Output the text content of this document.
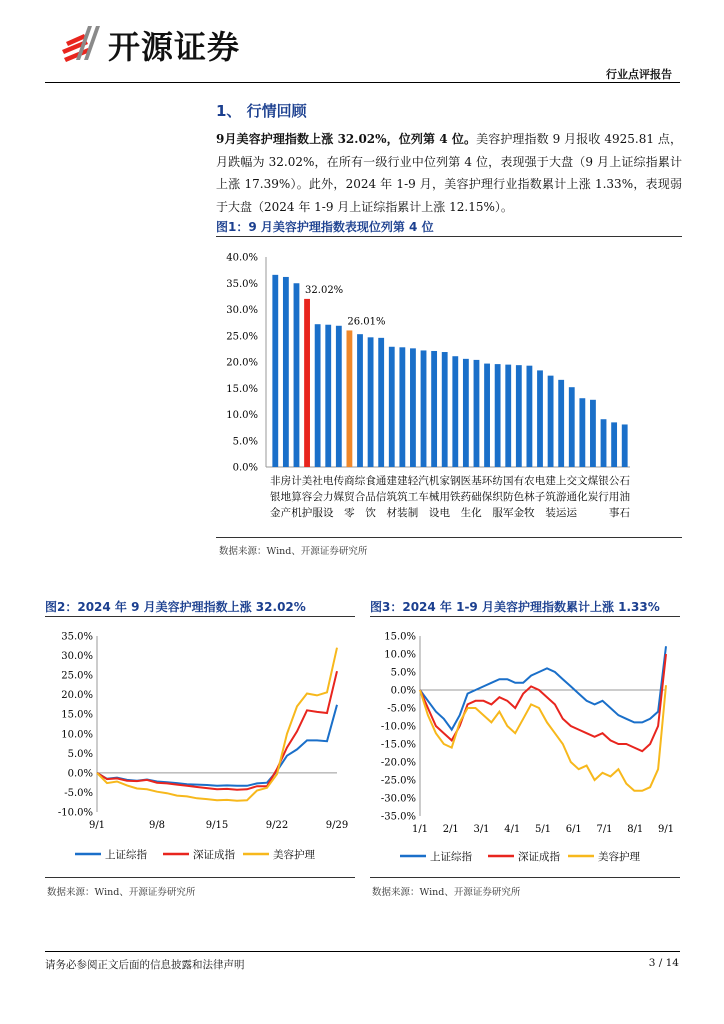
开源证券
行业点评报告
1、 行情回顾
9月美容护理指数上涨 32.02%，位列第 4 位。美容护理指数 9 月报收 4925.81 点，月跌幅为 32.02%，在所有一级行业中位列第 4 位，表现强于大盘（9 月上证综指累计上涨 17.39%）。此外，2024 年 1-9 月，美容护理行业指数累计上涨 1.33%，表现弱于大盘（2024 年 1-9 月上证综指累计上涨 12.15%）。
图1：9 月美容护理指数表现位列第 4 位
0.0%
5.0%
10.0%
15.0%
20.0%
25.0%
30.0%
35.0%
40.0%
非
银
金
房
地
产
计
算
机
美
容
护
社
会
服
电
力
设
传
媒
商
贸
零
综
合
食
品
饮
通
信
建
筑
材
建
筑
装
轻
工
制
汽
车
机
械
设
家
用
电
钢
铁
医
药
生
基
础
化
环
保
纺
织
服
国
防
军
有
色
金
农
林
牧
电
子
建
筑
装
上
游
运
交
通
运
文
化
煤
炭
银
行
公
用
事
石
油
石
32.02%
26.01%
数据来源：Wind、开源证券研究所
图2：2024 年 9 月美容护理指数上涨 32.02%
-10.0%
-5.0%
0.0%
5.0%
10.0%
15.0%
20.0%
25.0%
30.0%
35.0%
9/1	9/8	9/15	9/22	9/29
上证综指	深证成指	美容护理
数据来源：Wind、开源证券研究所
图3：2024 年 1-9 月美容护理指数累计上涨 1.33%
-35.0%
-30.0%
-25.0%
-20.0%
-15.0%
-10.0%
-5.0%
0.0%
5.0%
10.0%
15.0%
1/1 2/1 3/1 4/1 5/1 6/1 7/1 8/1 9/1
上证综指	深证成指	美容护理
数据来源：Wind、开源证券研究所
请务必参阅正文后面的信息披露和法律声明	3 / 14
